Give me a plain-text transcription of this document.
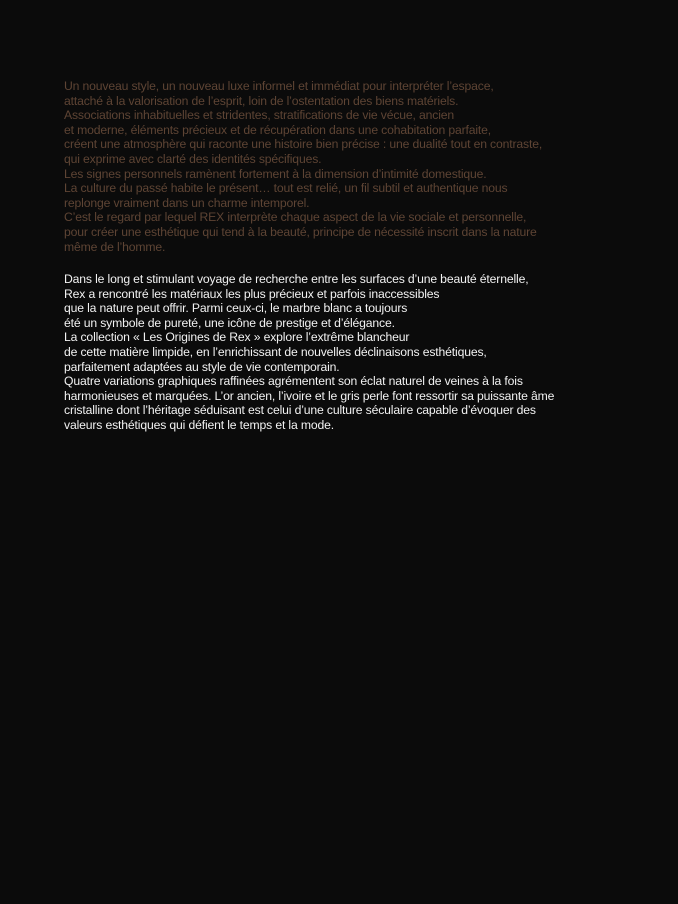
Un nouveau style, un nouveau luxe informel et immédiat pour interpréter l’espace,
attaché à la valorisation de l’esprit, loin de l’ostentation des biens matériels.
Associations inhabituelles et stridentes, stratifications de vie vécue, ancien
et moderne, éléments précieux et de récupération dans une cohabitation parfaite,
créent une atmosphère qui raconte une histoire bien précise : une dualité tout en contraste,
qui exprime avec clarté des identités spécifiques.
Les signes personnels ramènent fortement à la dimension d’intimité domestique.
La culture du passé habite le présent… tout est relié, un fil subtil et authentique nous
replonge vraiment dans un charme intemporel.
C’est le regard par lequel REX interprète chaque aspect de la vie sociale et personnelle,
pour créer une esthétique qui tend à la beauté, principe de nécessité inscrit dans la nature
même de l’homme.
Dans le long et stimulant voyage de recherche entre les surfaces d’une beauté éternelle,
Rex a rencontré les matériaux les plus précieux et parfois inaccessibles
que la nature peut offrir. Parmi ceux-ci, le marbre blanc a toujours
été un symbole de pureté, une icône de prestige et d’élégance.
La collection « Les Origines de Rex » explore l’extrême blancheur
de cette matière limpide, en l’enrichissant de nouvelles déclinaisons esthétiques,
parfaitement adaptées au style de vie contemporain.
Quatre variations graphiques raffinées agrémentent son éclat naturel de veines à la fois
harmonieuses et marquées. L’or ancien, l’ivoire et le gris perle font ressortir sa puissante âme
cristalline dont l’héritage séduisant est celui d’une culture séculaire capable d’évoquer des
valeurs esthétiques qui défient le temps et la mode.
